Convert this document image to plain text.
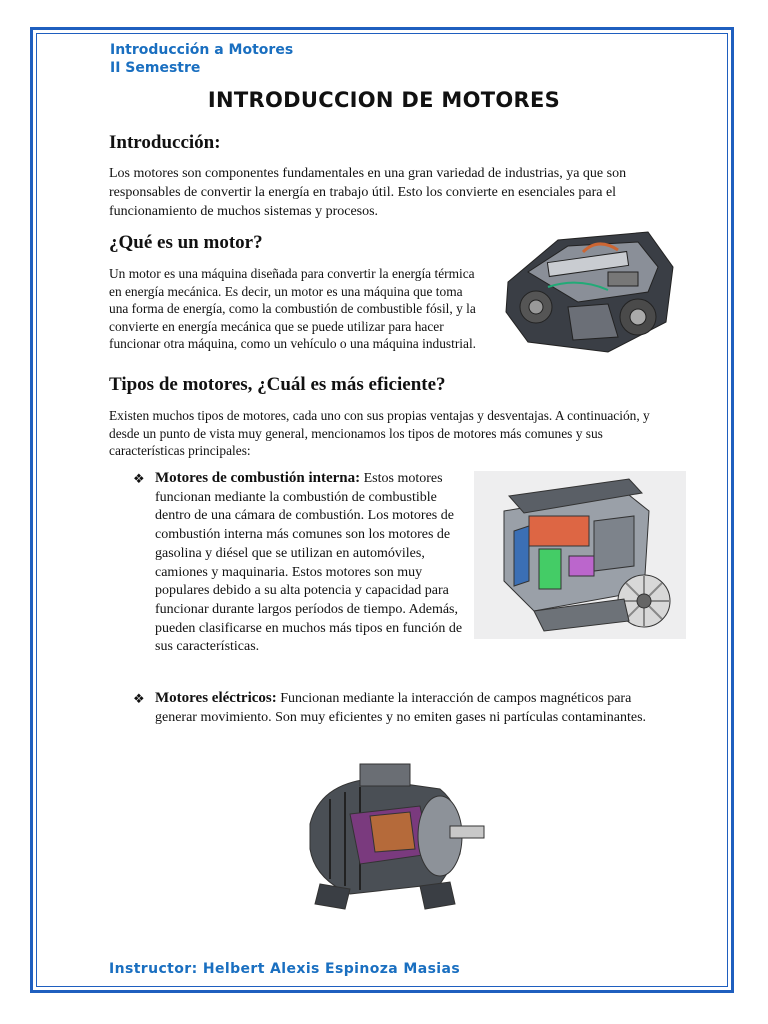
Introducción a Motores
II Semestre
INTRODUCCION DE MOTORES
Introducción:

Los motores son componentes fundamentales en una gran variedad de industrias, ya que son responsables de convertir la energía en trabajo útil. Esto los convierte en esenciales para el funcionamiento de muchos sistemas y procesos.

¿Qué es un motor?

Un motor es una máquina diseñada para convertir la energía térmica en energía mecánica. Es decir, un motor es una máquina que toma una forma de energía, como la combustión de combustible fósil, y la convierte en energía mecánica que se puede utilizar para hacer funcionar otra máquina, como un vehículo o una máquina industrial.

Tipos de motores, ¿Cuál es más eficiente?

Existen muchos tipos de motores, cada uno con sus propias ventajas y desventajas. A continuación, y desde un punto de vista muy general, mencionamos los tipos de motores más comunes y sus características principales:

❖ Motores de combustión interna: Estos motores funcionan mediante la combustión de combustible dentro de una cámara de combustión. Los motores de combustión interna más comunes son los motores de gasolina y diésel que se utilizan en automóviles, camiones y maquinaria. Estos motores son muy populares debido a su alta potencia y capacidad para funcionar durante largos períodos de tiempo. Además, pueden clasificarse en muchos más tipos en función de sus características.

❖ Motores eléctricos: Funcionan mediante la interacción de campos magnéticos para generar movimiento. Son muy eficientes y no emiten gases ni partículas contaminantes.

Instructor: Helbert Alexis Espinoza Masias
